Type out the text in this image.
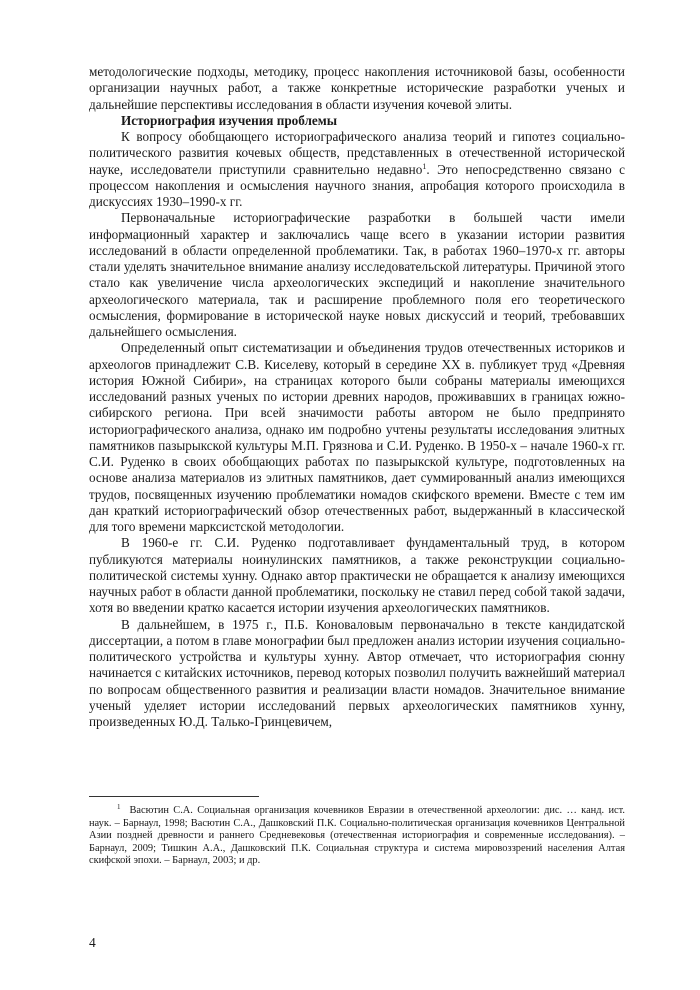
методологические подходы, методику, процесс накопления источниковой базы, особенности организации научных работ, а также конкретные исторические разработки ученых и дальнейшие перспективы исследования в области изучения кочевой элиты.

Историография изучения проблемы

К вопросу обобщающего историографического анализа теорий и гипотез социально-политического развития кочевых обществ, представленных в отечественной исторической науке, исследователи приступили сравнительно недавно$^1$. Это непосредственно связано с процессом накопления и осмысления научного знания, апробация которого происходила в дискуссиях 1930–1990-х гг.

Первоначальные историографические разработки в большей части имели информационный характер и заключались чаще всего в указании истории развития исследований в области определенной проблематики. Так, в работах 1960–1970-х гг. авторы стали уделять значительное внимание анализу исследовательской литературы. Причиной этого стало как увеличение числа археологических экспедиций и накопление значительного археологического материала, так и расширение проблемного поля его теоретического осмысления, формирование в исторической науке новых дискуссий и теорий, требовавших дальнейшего осмысления.

Определенный опыт систематизации и объединения трудов отечественных историков и археологов принадлежит С.В. Киселеву, который в середине XX в. публикует труд «Древняя история Южной Сибири», на страницах которого были собраны материалы имеющихся исследований разных ученых по истории древних народов, проживавших в границах южно-сибирского региона. При всей значимости работы автором не было предпринято историографического анализа, однако им подробно учтены результаты исследования элитных памятников пазырыкской культуры М.П. Грязнова и С.И. Руденко. В 1950-х – начале 1960-х гг. С.И. Руденко в своих обобщающих работах по пазырыкской культуре, подготовленных на основе анализа материалов из элитных памятников, дает суммированный анализ имеющихся трудов, посвященных изучению проблематики номадов скифского времени. Вместе с тем им дан краткий историографический обзор отечественных работ, выдержанный в классической для того времени марксистской методологии.

В 1960-е гг. С.И. Руденко подготавливает фундаментальный труд, в котором публикуются материалы ноинулинских памятников, а также реконструкции социально-политической системы хунну. Однако автор практически не обращается к анализу имеющихся научных работ в области данной проблематики, поскольку не ставил перед собой такой задачи, хотя во введении кратко касается истории изучения археологических памятников.

В дальнейшем, в 1975 г., П.Б. Коноваловым первоначально в тексте кандидатской диссертации, а потом в главе монографии был предложен анализ истории изучения социально-политического устройства и культуры хунну. Автор отмечает, что историография сюнну начинается с китайских источников, перевод которых позволил получить важнейший материал по вопросам общественного развития и реализации власти номадов. Значительное внимание ученый уделяет истории исследований первых археологических памятников хунну, произведенных Ю.Д. Талько-Гринцевичем,

$^1$ Васютин С.А. Социальная организация кочевников Евразии в отечественной археологии: дис. … канд. ист. наук. – Барнаул, 1998; Васютин С.А., Дашковский П.К. Социально-политическая организация кочевников Центральной Азии поздней древности и раннего Средневековья (отечественная историография и современные исследования). – Барнаул, 2009; Тишкин А.А., Дашковский П.К. Социальная структура и система мировоззрений населения Алтая скифской эпохи. – Барнаул, 2003; и др.

4
